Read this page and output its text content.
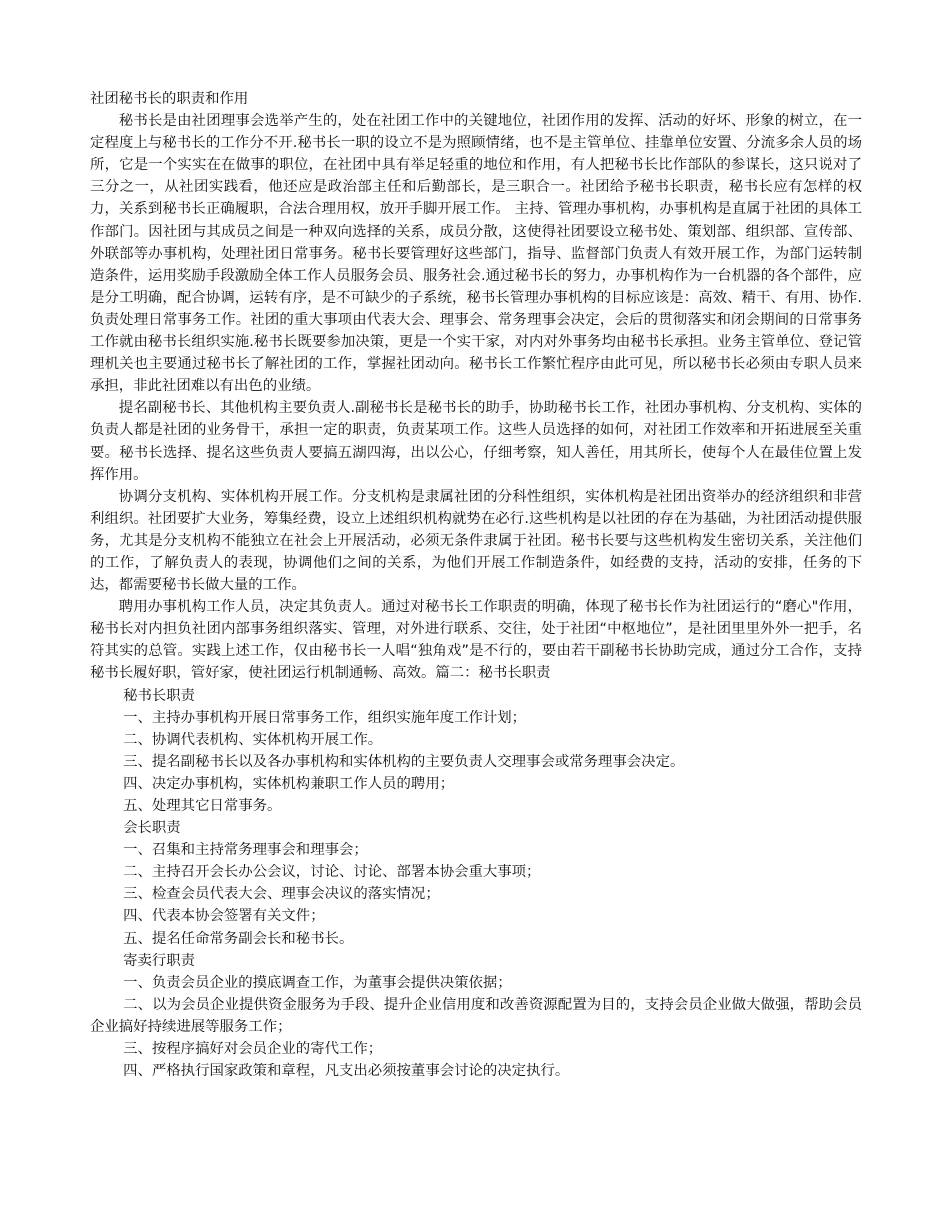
社团秘书长的职责和作用

秘书长是由社团理事会选举产生的，处在社团工作中的关键地位，社团作用的发挥、活动的好坏、形象的树立，在一定程度上与秘书长的工作分不开.秘书长一职的设立不是为照顾情绪，也不是主管单位、挂靠单位安置、分流多余人员的场所，它是一个实实在在做事的职位，在社团中具有举足轻重的地位和作用，有人把秘书长比作部队的参谋长，这只说对了三分之一，从社团实践看，他还应是政治部主任和后勤部长，是三职合一。社团给予秘书长职责，秘书长应有怎样的权力，关系到秘书长正确履职，合法合理用权，放开手脚开展工作。 主持、管理办事机构，办事机构是直属于社团的具体工作部门。因社团与其成员之间是一种双向选择的关系，成员分散，这使得社团要设立秘书处、策划部、组织部、宣传部、外联部等办事机构，处理社团日常事务。秘书长要管理好这些部门，指导、监督部门负责人有效开展工作，为部门运转制造条件，运用奖励手段激励全体工作人员服务会员、服务社会.通过秘书长的努力，办事机构作为一台机器的各个部件，应是分工明确，配合协调，运转有序，是不可缺少的子系统，秘书长管理办事机构的目标应该是：高效、精干、有用、协作. 负责处理日常事务工作。社团的重大事项由代表大会、理事会、常务理事会决定，会后的贯彻落实和闭会期间的日常事务工作就由秘书长组织实施.秘书长既要参加决策，更是一个实干家，对内对外事务均由秘书长承担。业务主管单位、登记管理机关也主要通过秘书长了解社团的工作，掌握社团动向。秘书长工作繁忙程序由此可见，所以秘书长必须由专职人员来承担，非此社团难以有出色的业绩。

提名副秘书长、其他机构主要负责人.副秘书长是秘书长的助手，协助秘书长工作，社团办事机构、分支机构、实体的负责人都是社团的业务骨干，承担一定的职责，负责某项工作。这些人员选择的如何，对社团工作效率和开拓进展至关重要。秘书长选择、提名这些负责人要搞五湖四海，出以公心，仔细考察，知人善任，用其所长，使每个人在最佳位置上发挥作用。

协调分支机构、实体机构开展工作。分支机构是隶属社团的分科性组织，实体机构是社团出资举办的经济组织和非营利组织。社团要扩大业务，筹集经费，设立上述组织机构就势在必行.这些机构是以社团的存在为基础，为社团活动提供服务，尤其是分支机构不能独立在社会上开展活动，必须无条件隶属于社团。秘书长要与这些机构发生密切关系，关注他们的工作，了解负责人的表现，协调他们之间的关系，为他们开展工作制造条件，如经费的支持，活动的安排，任务的下达，都需要秘书长做大量的工作。

聘用办事机构工作人员，决定其负责人。通过对秘书长工作职责的明确，体现了秘书长作为社团运行的“磨心"作用，秘书长对内担负社团内部事务组织落实、管理，对外进行联系、交往，处于社团“中枢地位”，是社团里里外外一把手，名符其实的总管。实践上述工作，仅由秘书长一人唱“独角戏”是不行的，要由若干副秘书长协助完成，通过分工合作，支持秘书长履好职，管好家，使社团运行机制通畅、高效。篇二：秘书长职责

秘书长职责

一、主持办事机构开展日常事务工作，组织实施年度工作计划；

二、协调代表机构、实体机构开展工作。

三、提名副秘书长以及各办事机构和实体机构的主要负责人交理事会或常务理事会决定。

四、决定办事机构，实体机构兼职工作人员的聘用；

五、处理其它日常事务。

会长职责

一、召集和主持常务理事会和理事会；

二、主持召开会长办公会议，讨论、讨论、部署本协会重大事项；

三、检查会员代表大会、理事会决议的落实情况；

四、代表本协会签署有关文件；

五、提名任命常务副会长和秘书长。

寄卖行职责

一、负责会员企业的摸底调查工作，为董事会提供决策依据；

二、以为会员企业提供资金服务为手段、提升企业信用度和改善资源配置为目的，支持会员企业做大做强，帮助会员企业搞好持续进展等服务工作；

三、按程序搞好对会员企业的寄代工作；

四、严格执行国家政策和章程，凡支出必须按董事会讨论的决定执行。
